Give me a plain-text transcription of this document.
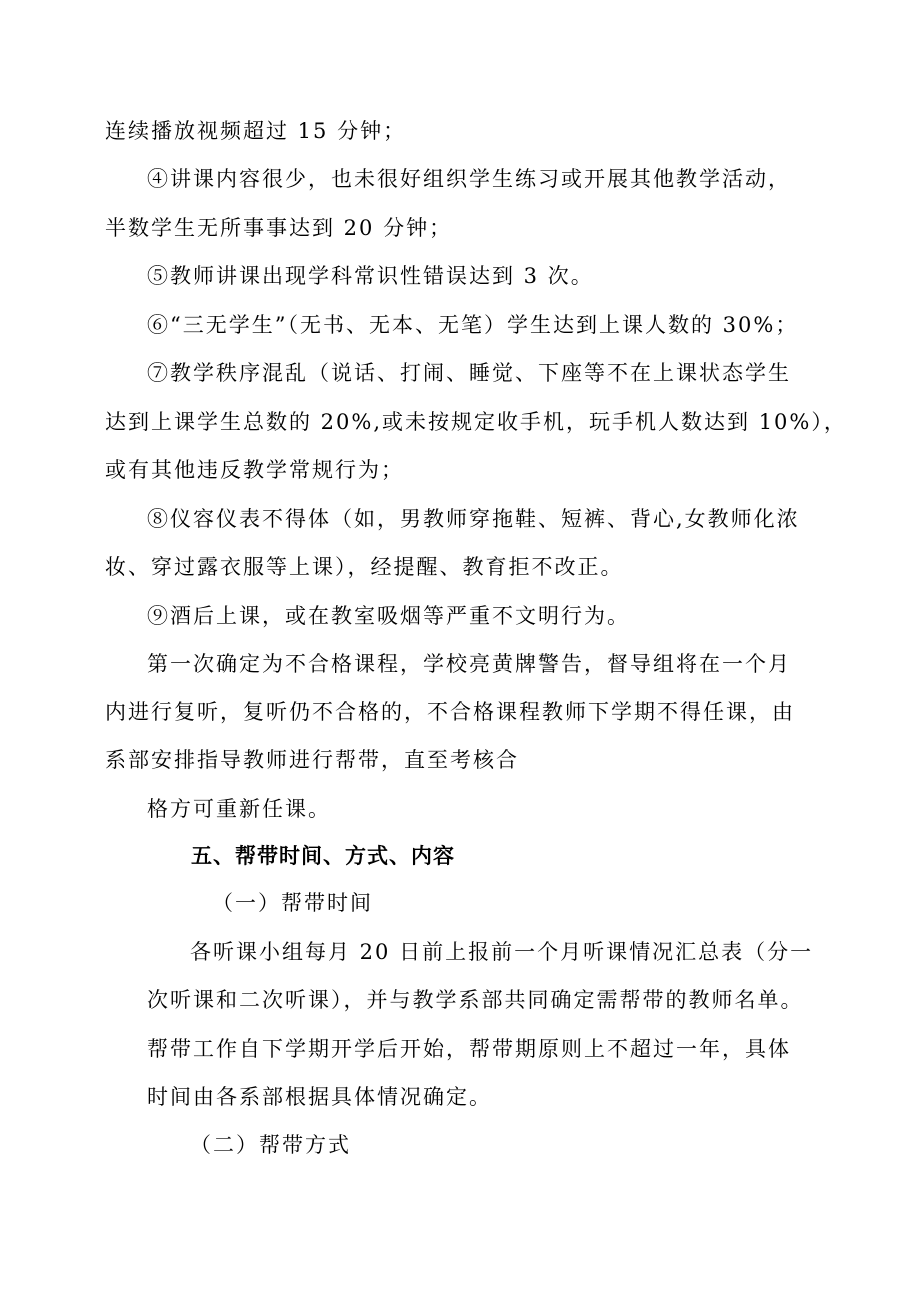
连续播放视频超过 15 分钟；
④讲课内容很少，也未很好组织学生练习或开展其他教学活动，
半数学生无所事事达到 20 分钟；
⑤教师讲课出现学科常识性错误达到 3 次。
⑥“三无学生”（无书、无本、无笔）学生达到上课人数的 30%；
⑦教学秩序混乱（说话、打闹、睡觉、下座等不在上课状态学生
达到上课学生总数的 20%,或未按规定收手机，玩手机人数达到 10%），
或有其他违反教学常规行为；
⑧仪容仪表不得体（如，男教师穿拖鞋、短裤、背心,女教师化浓
妆、穿过露衣服等上课），经提醒、教育拒不改正。
⑨酒后上课，或在教室吸烟等严重不文明行为。
第一次确定为不合格课程，学校亮黄牌警告，督导组将在一个月
内进行复听，复听仍不合格的，不合格课程教师下学期不得任课，由
系部安排指导教师进行帮带，直至考核合
格方可重新任课。
五、帮带时间、方式、内容
（一）帮带时间
各听课小组每月 20 日前上报前一个月听课情况汇总表（分一
次听课和二次听课），并与教学系部共同确定需帮带的教师名单。
帮带工作自下学期开学后开始，帮带期原则上不超过一年，具体
时间由各系部根据具体情况确定。
（二）帮带方式
